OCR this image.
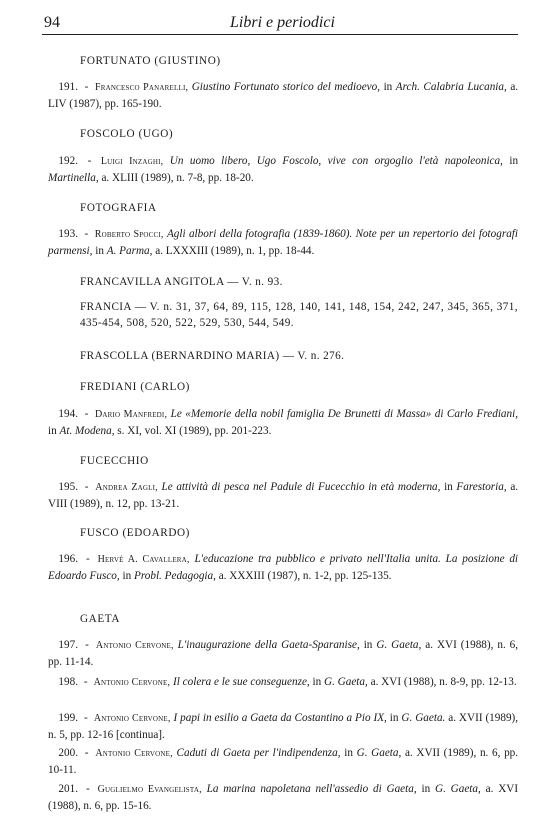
94	Libri e periodici
FORTUNATO (GIUSTINO)
191. - Francesco Panarelli, Giustino Fortunato storico del medioevo, in Arch. Calabria Lucania, a. LIV (1987), pp. 165-190.
FOSCOLO (UGO)
192. - Luigi Inzaghi, Un uomo libero, Ugo Foscolo, vive con orgoglio l'età napoleonica, in Martinella, a. XLIII (1989), n. 7-8, pp. 18-20.
FOTOGRAFIA
193. - Roberto Spocci, Agli albori della fotografia (1839-1860). Note per un repertorio dei fotografi parmensi, in A. Parma, a. LXXXIII (1989), n. 1, pp. 18-44.
FRANCAVILLA ANGITOLA — V. n. 93.
FRANCIA — V. n. 31, 37, 64, 89, 115, 128, 140, 141, 148, 154, 242, 247, 345, 365, 371, 435-454, 508, 520, 522, 529, 530, 544, 549.
FRASCOLLA (BERNARDINO MARIA) — V. n. 276.
FREDIANI (CARLO)
194. - Dario Manfredi, Le «Memorie della nobil famiglia De Brunetti di Massa» di Carlo Frediani, in At. Modena, s. XI, vol. XI (1989), pp. 201-223.
FUCECCHIO
195. - Andrea Zagli, Le attività di pesca nel Padule di Fucecchio in età moderna, in Farestoria, a. VIII (1989), n. 12, pp. 13-21.
FUSCO (EDOARDO)
196. - Hervé A. Cavallera, L'educazione tra pubblico e privato nell'Italia unita. La posizione di Edoardo Fusco, in Probl. Pedagogia, a. XXXIII (1987), n. 1-2, pp. 125-135.
GAETA
197. - Antonio Cervone, L'inaugurazione della Gaeta-Sparanise, in G. Gaeta, a. XVI (1988), n. 6, pp. 11-14.
198. - Antonio Cervone, Il colera e le sue conseguenze, in G. Gaeta, a. XVI (1988), n. 8-9, pp. 12-13.
199. - Antonio Cervone, I papi in esilio a Gaeta da Costantino a Pio IX, in G. Gaeta. a. XVII (1989), n. 5, pp. 12-16 [continua].
200. - Antonio Cervone, Caduti di Gaeta per l'indipendenza, in G. Gaeta, a. XVII (1989), n. 6, pp. 10-11.
201. - Guglielmo Evangelista, La marina napoletana nell'assedio di Gaeta, in G. Gaeta, a. XVI (1988), n. 6, pp. 15-16.
